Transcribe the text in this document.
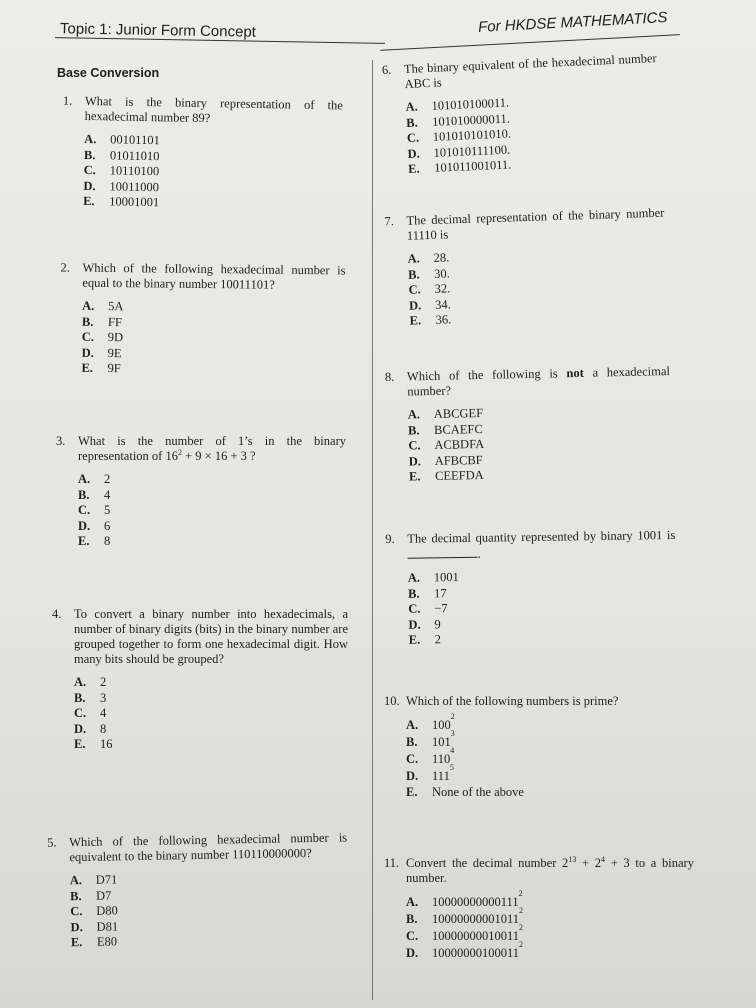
Topic 1: Junior Form Concept	For HKDSE MATHEMATICS
Base Conversion
1. What is the binary representation of the hexadecimal number 89?
A.	00101101
B.	01011010
C.	10110100
D.	10011000
E.	10001001
2. Which of the following hexadecimal number is equal to the binary number 10011101?
A.	5A
B.	FF
C.	9D
D.	9E
E.	9F
3.	What is the number of 1’s in the binary representation of $16^2 + 9 \times 16 + 3$ ?
A.	2
B.	4
C.	5
D.	6
E.	8
4.	To convert a binary number into hexadecimals, a number of binary digits (bits) in the binary number are grouped together to form one hexadecimal digit. How many bits should be grouped?
A.	2
B.	3
C.	4
D.	8
E.	16
5. Which of the following hexadecimal number is equivalent to the binary number 110110000000?
A.	D71
B.	D7
C.	D80
D.	D81
E.	E80
6. The binary equivalent of the hexadecimal number ABC is
A.	101010100011.
B.	101010000011.
C.	101010101010.
D.	101010111100.
E.	101011001011.
7. The decimal representation of the binary number 11110 is
A.	28.
B.	30.
C.	32.
D.	34.
E.	36.
8. Which of the following is not a hexadecimal number?
A.	ABCGEF
B.	BCAEFC
C.	ACBDFA
D.	AFBCBF
E.	CEEFDA
9. The decimal quantity represented by binary 1001 is .
A.	1001
B.	17
C.	−7
D.	9
E.	2
10. Which of the following numbers is prime?
A.	100
2
B.	101
3
C.	110
4
D.	111
5
E.	None of the above
11. Convert the decimal number $2^{13} + 2^4 + 3$ to a binary number.
A.	10000000000111
2
B.	10000000001011
2
C.	10000000010011
2
D.	10000000100011
2
